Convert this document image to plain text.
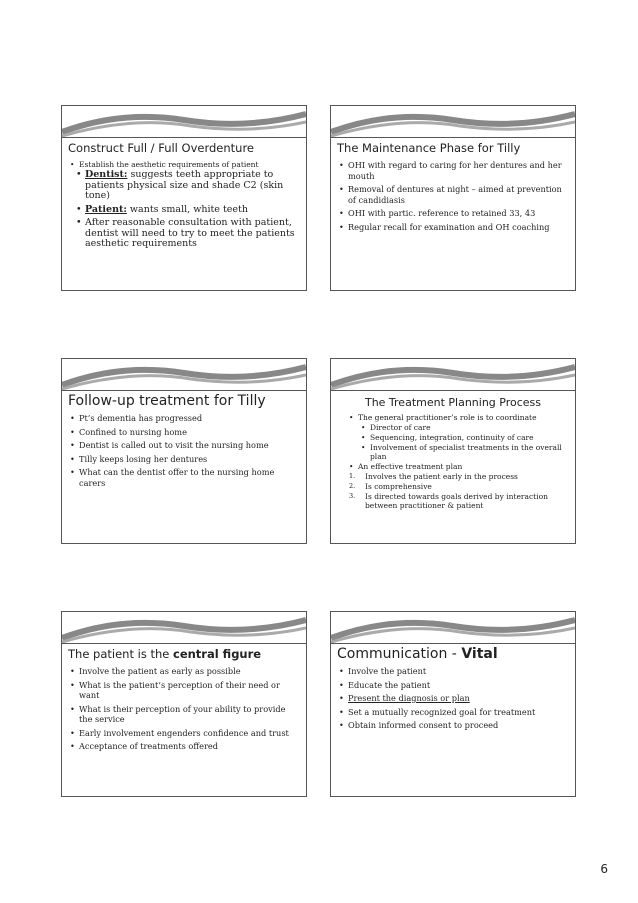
Construct Full / Full Overdenture
• Establish the aesthetic requirements of patient
• Dentist: suggests teeth appropriate to patients physical size and shade C2 (skin tone)
• Patient: wants small, white teeth
• After reasonable consultation with patient, dentist will need to try to meet the patients aesthetic requirements
The Maintenance Phase for Tilly
• OHI with regard to caring for her dentures and her mouth
• Removal of dentures at night – aimed at prevention of candidiasis
• OHI with partic. reference to retained 33, 43
• Regular recall for examination and OH coaching
Follow-up treatment for Tilly
• Pt’s dementia has progressed
• Confined to nursing home
• Dentist is called out to visit the nursing home
• Tilly keeps losing her dentures
• What can the dentist offer to the nursing home carers
The Treatment Planning Process
• The general practitioner’s role is to coordinate
• Director of care
• Sequencing, integration, continuity of care
• Involvement of specialist treatments in the overall plan
• An effective treatment plan
1. Involves the patient early in the process
2. Is comprehensive
3. Is directed towards goals derived by interaction between practitioner & patient
The patient is the central figure
• Involve the patient as early as possible
• What is the patient’s perception of their need or want
• What is their perception of your ability to provide the service
• Early involvement engenders confidence and trust
• Acceptance of treatments offered
Communication - Vital
• Involve the patient
• Educate the patient
• Present the diagnosis or plan
• Set a mutually recognized goal for treatment
• Obtain informed consent to proceed
6
